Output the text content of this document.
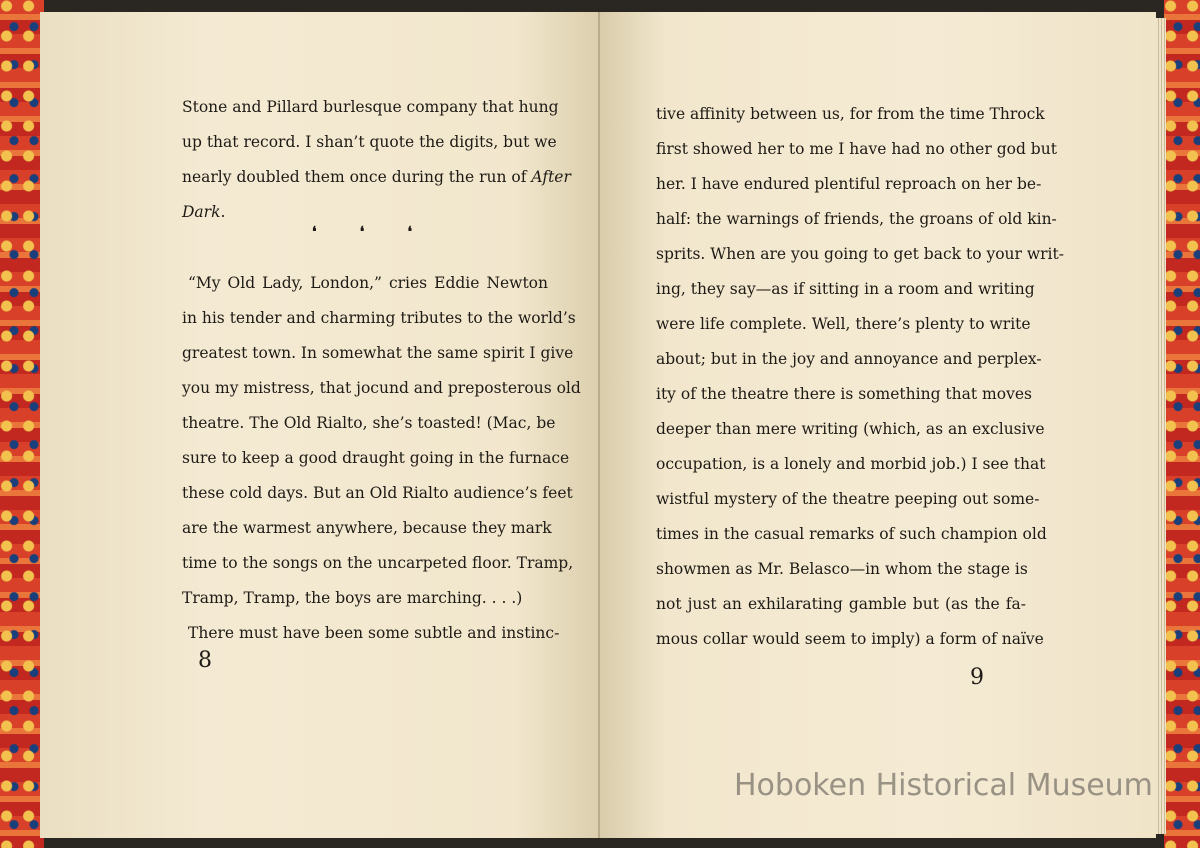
Stone and Pillard burlesque company that hung
up that record. I shan’t quote the digits, but we
nearly doubled them once during the run of After
Dark.
“My Old Lady, London,” cries Eddie Newton
in his tender and charming tributes to the world’s
greatest town. In somewhat the same spirit I give
you my mistress, that jocund and preposterous old
theatre. The Old Rialto, she’s toasted! (Mac, be
sure to keep a good draught going in the furnace
these cold days. But an Old Rialto audience’s feet
are the warmest anywhere, because they mark
time to the songs on the uncarpeted floor. Tramp,
Tramp, Tramp, the boys are marching. . . .)
There must have been some subtle and instinc-
❛	❛	❛
8
tive affinity between us, for from the time Throck
first showed her to me I have had no other god but
her. I have endured plentiful reproach on her be-
half: the warnings of friends, the groans of old kin-
sprits. When are you going to get back to your writ-
ing, they say—as if sitting in a room and writing
were life complete. Well, there’s plenty to write
about; but in the joy and annoyance and perplex-
ity of the theatre there is something that moves
deeper than mere writing (which, as an exclusive
occupation, is a lonely and morbid job.) I see that
wistful mystery of the theatre peeping out some-
times in the casual remarks of such champion old
showmen as Mr. Belasco—in whom the stage is
not just an exhilarating gamble but (as the fa-
mous collar would seem to imply) a form of naïve
9
Hoboken Historical Museum
